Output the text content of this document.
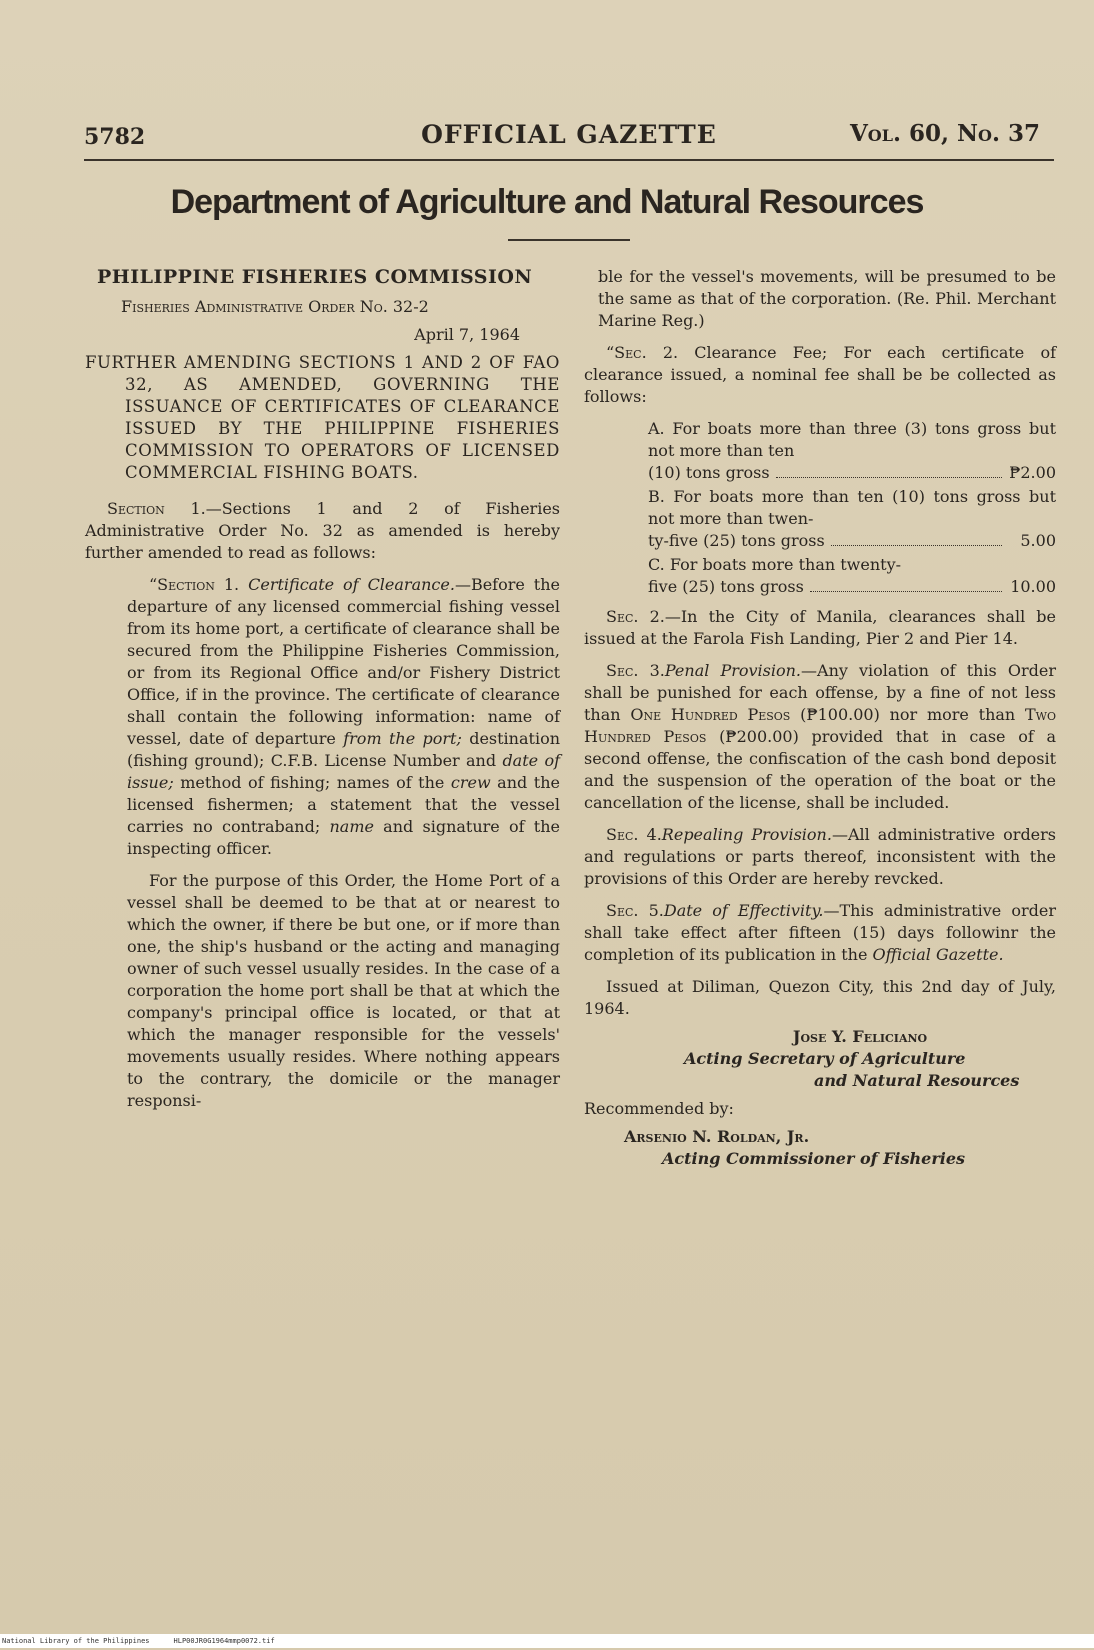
5782	OFFICIAL GAZETTE	Vol. 60, No. 37
Department of Agriculture and Natural Resources
PHILIPPINE FISHERIES COMMISSION
Fisheries Administrative Order No. 32-2
April 7, 1964
FURTHER AMENDING SECTIONS 1 AND 2 OF FAO 32, AS AMENDED, GOVERNING THE ISSUANCE OF CERTIFICATES OF CLEARANCE ISSUED BY THE PHILIPPINE FISHERIES COMMISSION TO OPERATORS OF LICENSED COMMERCIAL FISHING BOATS.

Section 1.—Sections 1 and 2 of Fisheries Administrative Order No. 32 as amended is hereby further amended to read as follows:

“Section 1. Certificate of Clearance.—Before the departure of any licensed commercial fishing vessel from its home port, a certificate of clearance shall be secured from the Philippine Fisheries Commission, or from its Regional Office and/or Fishery District Office, if in the province. The certificate of clearance shall contain the following information: name of vessel, date of departure from the port; destination (fishing ground); C.F.B. License Number and date of issue; method of fishing; names of the crew and the licensed fishermen; a statement that the vessel carries no contraband; name and signature of the inspecting officer.

For the purpose of this Order, the Home Port of a vessel shall be deemed to be that at or nearest to which the owner, if there be but one, or if more than one, the ship's husband or the acting and managing owner of such vessel usually resides. In the case of a corporation the home port shall be that at which the company's principal office is located, or that at which the manager responsible for the vessels' movements usually resides. Where nothing appears to the contrary, the domicile or the manager responsi-

ble for the vessel's movements, will be presumed to be the same as that of the corporation. (Re. Phil. Merchant Marine Reg.)

“Sec. 2. Clearance Fee; For each certificate of clearance issued, a nominal fee shall be be collected as follows:

A. For boats more than three (3) tons gross but not more than ten
(10) tons gross	₱2.00
B. For boats more than ten (10) tons gross but not more than twen-
ty-five (25) tons gross	5.00
C. For boats more than twenty-
five (25) tons gross	10.00

Sec. 2.—In the City of Manila, clearances shall be issued at the Farola Fish Landing, Pier 2 and Pier 14.

Sec. 3.Penal Provision.—Any violation of this Order shall be punished for each offense, by a fine of not less than One Hundred Pesos (₱100.00) nor more than Two Hundred Pesos (₱200.00) provided that in case of a second offense, the confiscation of the cash bond deposit and the suspension of the operation of the boat or the cancellation of the license, shall be included.

Sec. 4.Repealing Provision.—All administrative orders and regulations or parts thereof, inconsistent with the provisions of this Order are hereby revcked.

Sec. 5.Date of Effectivity.—This administrative order shall take effect after fifteen (15) days followinr the completion of its publication in the Official Gazette.

Issued at Diliman, Quezon City, this 2nd day of July, 1964.

Jose Y. Feliciano
Acting Secretary of Agriculture
and Natural Resources
Recommended by:
Arsenio N. Roldan, Jr.
Acting Commissioner of Fisheries
National Library of the Philippines	HLP00JR0G1964mmp0072.tif
